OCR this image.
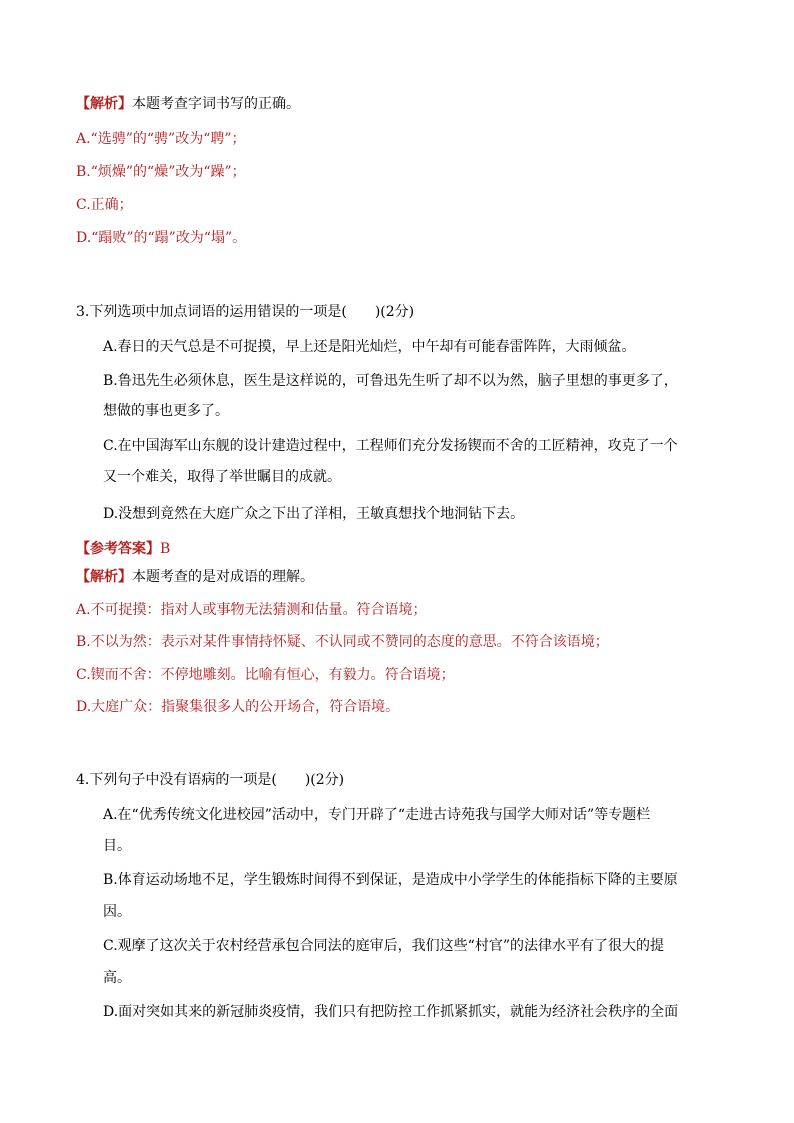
【解析】本题考查字词书写的正确。
A.“选骋”的“骋”改为“聘”；
B.“烦燥”的“燥”改为“躁”；
C.正确；
D.“蹋败”的“蹋”改为“塌”。
3.下列选项中加点词语的运用错误的一项是(　　)(2分)
A.春日的天气总是不可捉摸，早上还是阳光灿烂，中午却有可能春雷阵阵，大雨倾盆。
B.鲁迅先生必须休息，医生是这样说的，可鲁迅先生听了却不以为然，脑子里想的事更多了，
想做的事也更多了。
C.在中国海军山东舰的设计建造过程中，工程师们充分发扬锲而不舍的工匠精神，攻克了一个
又一个难关，取得了举世瞩目的成就。
D.没想到竟然在大庭广众之下出了洋相，王敏真想找个地洞钻下去。
【参考答案】B
【解析】本题考查的是对成语的理解。
A.不可捉摸：指对人或事物无法猜测和估量。符合语境；
B.不以为然：表示对某件事情持怀疑、不认同或不赞同的态度的意思。不符合该语境；
C.锲而不舍：不停地雕刻。比喻有恒心，有毅力。符合语境；
D.大庭广众：指聚集很多人的公开场合，符合语境。
4.下列句子中没有语病的一项是(　　)(2分)
A.在“优秀传统文化进校园”活动中，专门开辟了“走进古诗苑我与国学大师对话”等专题栏
目。
B.体育运动场地不足，学生锻炼时间得不到保证，是造成中小学学生的体能指标下降的主要原
因。
C.观摩了这次关于农村经营承包合同法的庭审后，我们这些“村官”的法律水平有了很大的提
高。
D.面对突如其来的新冠肺炎疫情，我们只有把防控工作抓紧抓实，就能为经济社会秩序的全面
